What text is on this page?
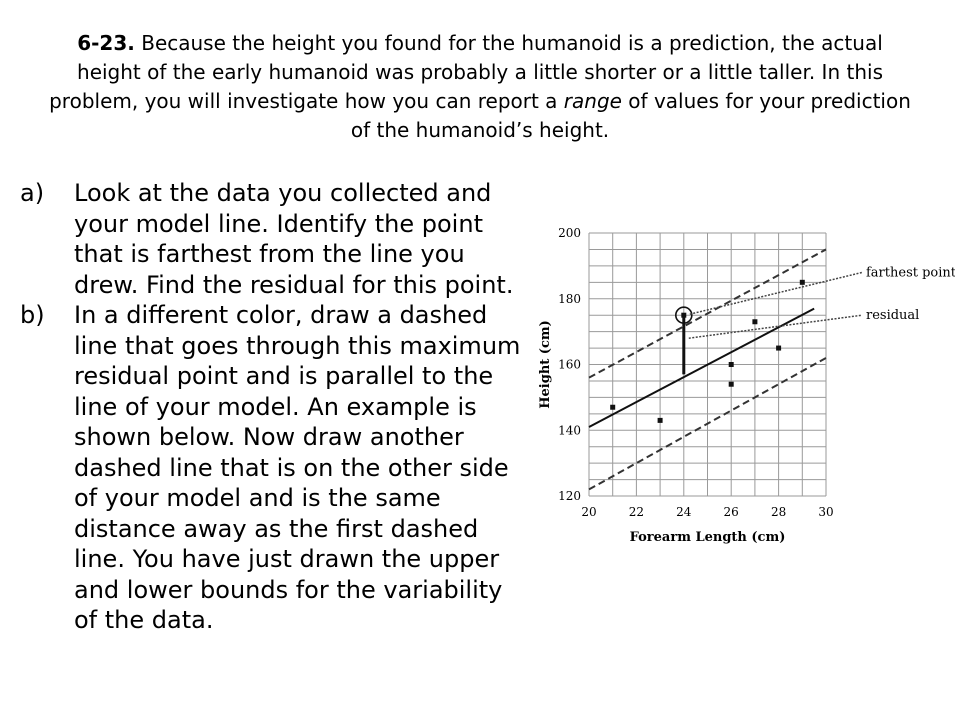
6-23. Because the height you found for the humanoid is a prediction, the actual height of the early humanoid was probably a little shorter or a little taller. In this problem, you will investigate how you can report a range of values for your prediction of the humanoid’s height.
a)	Look at the data you collected and your model line. Identify the point that is farthest from the line you drew. Find the residual for this point.
b)	In a different color, draw a dashed line that goes through this maximum residual point and is parallel to the line of your model. An example is shown below. Now draw another dashed line that is on the other side of your model and is the same distance away as the first dashed line. You have just drawn the upper and lower bounds for the variability of the data.
farthest point
residual
20	22	24	26	28	30
120
140
160
180
200
Forearm Length (cm)
Height (cm)
